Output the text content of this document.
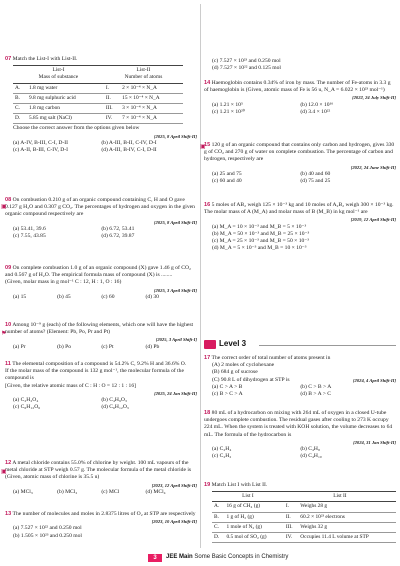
07 Match the List-I with List-II.
List-I
Mass of substance		List-II
Number of atoms	
A.	1.8 mg water	I.	2 × 10⁻⁴ × N_A
B.	9.8 mg sulphuric acid	II.	15 × 10⁻⁴ × N_A
C.	1.8 mg carbon	III.	3 × 10⁻⁴ × N_A
D.	5.85 mg salt (NaCl)	IV.	7 × 10⁻⁴ × N_A
Choose the correct answer from the options given below
[2025, 8 April Shift-II]
(a) A-IV, B-III, C-I, D-II	(b) A-III, B-II, C-IV, D-I (c) A-II, B-III, C-IV, D-I	(d) A-III, B-IV, C-I, D-II
▣
08 On combustion 0.210 g of an organic compound containing C, H and O gave 0.127 g H₂O and 0.307 g CO₂. The percentages of hydrogen and oxygen in the given organic compound respectively are
[2025, 8 April Shift-II]
(a) 53.41, 39.6	(b) 6.72, 53.41 (c) 7.55, 43.85	(d) 6.72, 39.87
09 On complete combustion 1.0 g of an organic compound (X) gave 1.46 g of CO₂ and 0.567 g of H₂O. The empirical formula mass of compound (X) is ........
(Given, molar mass in g mol⁻¹ C : 12, H : 1, O : 16)
[2025, 3 April Shift-II]
(a) 15	(b) 45	(c) 60	(d) 30
⚑
10 Among 10⁻⁹ g (each) of the following elements, which one will have the highest number of atoms? (Element: Pb, Po, Pr and Pt)
[2025, 3 April Shift-I]
(a) Pr	(b) Po	(c) Pt	(d) Pb
11 The elemental composition of a compound is 54.2% C, 9.2% H and 36.6% O.
If the molar mass of the compound is 132 g mol⁻¹, the molecular formula of the compound is
[Given, the relative atomic mass of C : H : O = 12 : 1 : 16]
[2025, 24 Jan Shift-II]
(a) C₂H₂O₄	(b) C₄H₉O₃ (c) C₆H₁₂O₆	(d) C₆H₁₂O₃
▣
12 A metal chloride contains 55.0% of chlorine by weight. 100 mL vapours of the metal chloride at STP weigh 0.57 g. The molecular formula of the metal chloride is (Given, atomic mass of chlorine is 35.5 u)
[2023, 12 April Shift-II]
(a) MCl₃	(b) MCl₂	(c) MCl	(d) MCl₄
13 The number of molecules and moles in 2.8375 litres of O₂ at STP are respectively
[2023, 10 April Shift-II]
(a) 7.527 × 10²² and 0.250 mol
(b) 1.505 × 10²³ and 0.250 mol
(c) 7.527 × 10²³ and 0.250 mol
(d) 7.527 × 10²² and 0.125 mol
14 Haemoglobin contains 0.34% of iron by mass. The number of Fe-atoms in 3.3 g of haemoglobin is (Given, atomic mass of Fe is 56 u, N_A = 6.022 × 10²³ mol⁻¹)
[2022, 24 July Shift-II]
(a) 1.21 × 10⁵	(b) 12.0 × 10¹⁶ (c) 1.21 × 10²⁰	(d) 3.4 × 10²²
▣
15 120 g of an organic compound that contains only carbon and hydrogen, gives 330 g of CO₂ and 270 g of water on complete combustion. The percentage of carbon and hydrogen, respectively are
[2022, 24 June Shift-II]
(a) 25 and 75	(b) 40 and 60 (c) 60 and 40	(d) 75 and 25
16 5 moles of AB₂ weigh 125 × 10⁻³ kg and 10 moles of A₂B₂ weigh 300 × 10⁻³ kg. The molar mass of A (M_A) and molar mass of B (M_B) in kg mol⁻¹ are
[2019, 12 April Shift-II]
(a) M_A = 10 × 10⁻³ and M_B = 5 × 10⁻³
(b) M_A = 50 × 10⁻³ and M_B = 25 × 10⁻³
(c) M_A = 25 × 10⁻³ and M_B = 50 × 10⁻³
(d) M_A = 5 × 10⁻³ and M_B = 10 × 10⁻³
17 The correct order of total number of atoms present in
(A) 2 moles of cyclohexane
(B) 684 g of sucrose
(C) 90.8 L of dihydrogen at STP is	[2024, 4 April Shift-II]

(a) C > A > B	(b) C > B > A (c) B > C > A	(d) B > A > C
18 80 mL of a hydrocarbon on mixing with 264 mL of oxygen in a closed U-tube undergoes complete combustion. The residual gases after cooling to 273 K occupy 224 mL. When the system is treated with KOH solution, the volume decreases to 64 mL. The formula of the hydrocarbon is
[2024, 31 Jan Shift-II]
(a) C₂H₄	(b) C₄H₈ (c) C₂H₂	(d) C₄H₁₀
19 Match List I with List II.
List I		List II	
A.	16 g of CH₄ (g)	I.	Weighs 28 g
B.	1 g of H₂ (g)	II.	60.2 × 10²³ electrons
C.	1 mole of N₂ (g)	III.	Weighs 32 g
D.	0.5 mol of SO₂ (g)	IV.	Occupies 11.4 L volume at STP
Level 3
3	JEE Main Some Basic Concepts in Chemistry
